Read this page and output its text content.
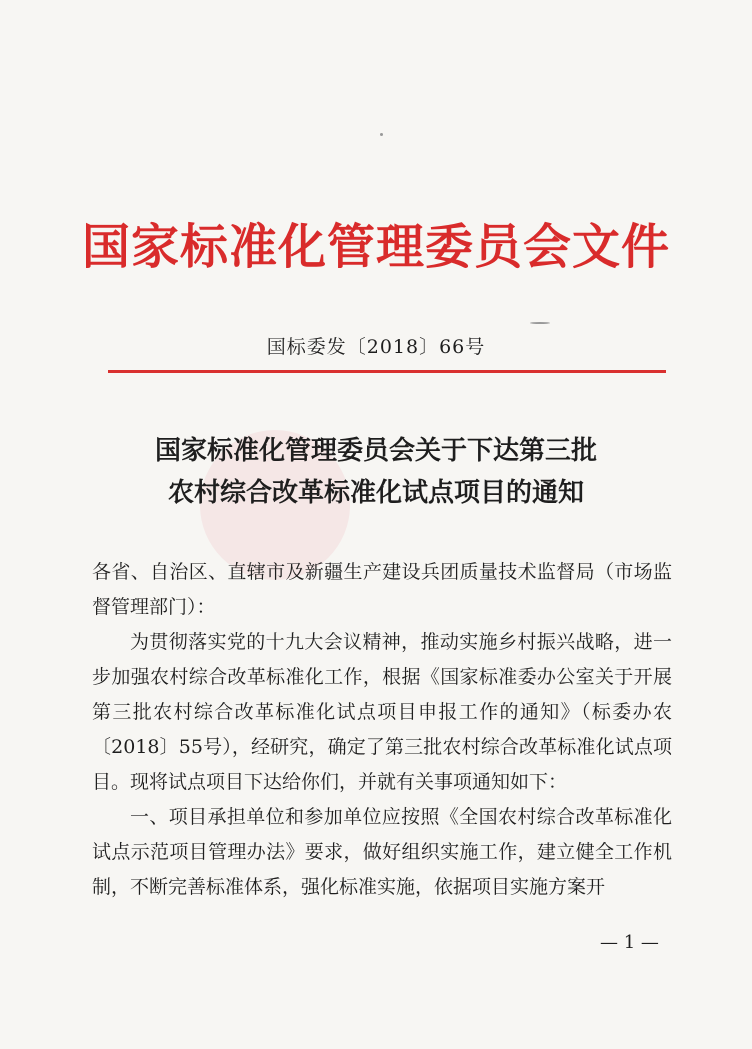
国家标准化管理委员会文件
国标委发〔2018〕66号
国家标准化管理委员会关于下达第三批
农村综合改革标准化试点项目的通知

各省、自治区、直辖市及新疆生产建设兵团质量技术监督局（市场监督管理部门）：

为贯彻落实党的十九大会议精神，推动实施乡村振兴战略，进一步加强农村综合改革标准化工作，根据《国家标准委办公室关于开展第三批农村综合改革标准化试点项目申报工作的通知》（标委办农〔2018〕55号），经研究，确定了第三批农村综合改革标准化试点项目。现将试点项目下达给你们，并就有关事项通知如下：

一、项目承担单位和参加单位应按照《全国农村综合改革标准化试点示范项目管理办法》要求，做好组织实施工作，建立健全工作机制，不断完善标准体系，强化标准实施，依据项目实施方案开

— 1 —
